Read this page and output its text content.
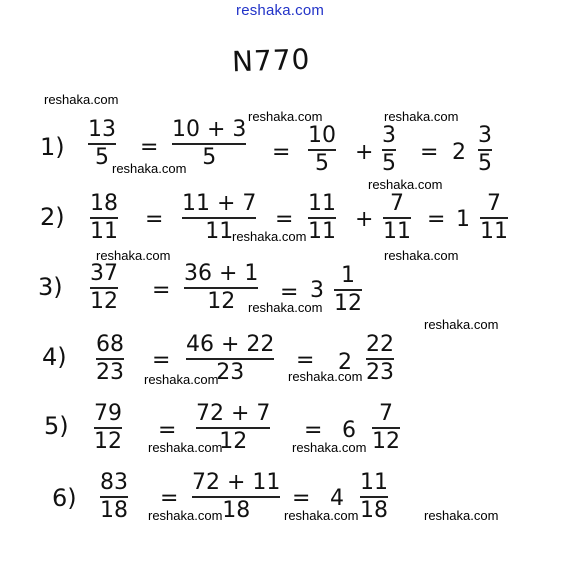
reshaka.com
N770
reshaka.com
reshaka.com	reshaka.com
reshaka.com
reshaka.com
reshaka.com
reshaka.com	reshaka.com
reshaka.com
reshaka.com
reshaka.com	reshaka.com
reshaka.com	reshaka.com
reshaka.com	reshaka.com	reshaka.com
1)
13
5 =
10 + 3
5	=
10
5 +
3
5 = 2
3
5
2) 18
11 =
11 + 7
11 =
11
11 +
7
11 = 1
7
11
3) 37
12 =
36 + 1
12 = 3
1
12
4) 68
23 =
46 + 22
23 = 2
22
23
5) 79
12 =
72 + 7
12	= 6
7
12
6)
83
18 =
72 + 11
18 = 4
11
18
